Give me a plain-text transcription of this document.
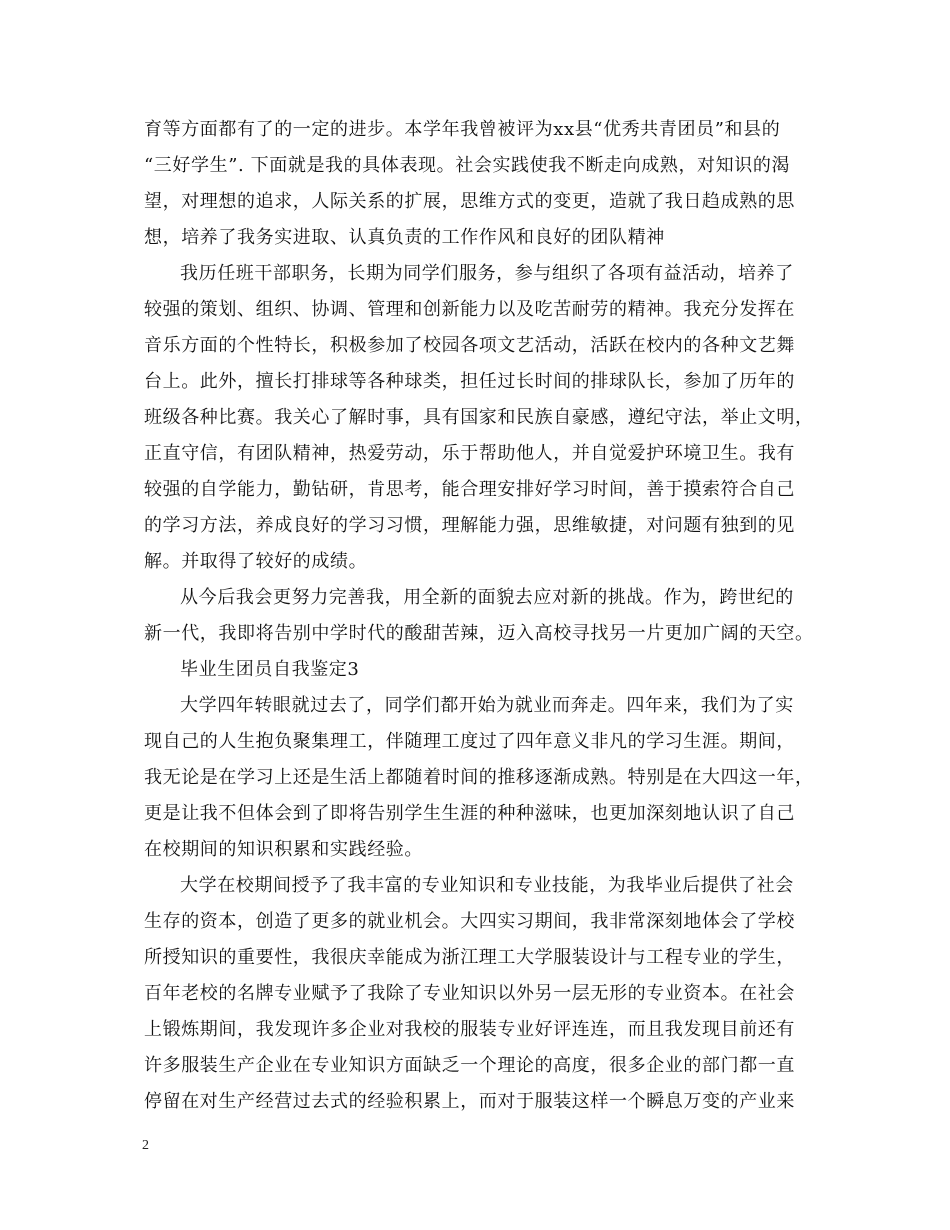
育等方面都有了的一定的进步。本学年我曾被评为xx县“优秀共青团员”和县的

“三好学生”. 下面就是我的具体表现。社会实践使我不断走向成熟，对知识的渴

望，对理想的追求，人际关系的扩展，思维方式的变更，造就了我日趋成熟的思

想，培养了我务实进取、认真负责的工作作风和良好的团队精神

我历任班干部职务，长期为同学们服务，参与组织了各项有益活动，培养了

较强的策划、组织、协调、管理和创新能力以及吃苦耐劳的精神。我充分发挥在

音乐方面的个性特长，积极参加了校园各项文艺活动，活跃在校内的各种文艺舞

台上。此外，擅长打排球等各种球类，担任过长时间的排球队长，参加了历年的

班级各种比赛。我关心了解时事，具有国家和民族自豪感，遵纪守法，举止文明，

正直守信，有团队精神，热爱劳动，乐于帮助他人，并自觉爱护环境卫生。我有

较强的自学能力，勤钻研，肯思考，能合理安排好学习时间，善于摸索符合自己

的学习方法，养成良好的学习习惯，理解能力强，思维敏捷，对问题有独到的见

解。并取得了较好的成绩。

从今后我会更努力完善我，用全新的面貌去应对新的挑战。作为，跨世纪的

新一代，我即将告别中学时代的酸甜苦辣，迈入高校寻找另一片更加广阔的天空。

毕业生团员自我鉴定3

大学四年转眼就过去了，同学们都开始为就业而奔走。四年来，我们为了实

现自己的人生抱负聚集理工，伴随理工度过了四年意义非凡的学习生涯。期间，

我无论是在学习上还是生活上都随着时间的推移逐渐成熟。特别是在大四这一年，

更是让我不但体会到了即将告别学生生涯的种种滋味，也更加深刻地认识了自己

在校期间的知识积累和实践经验。

大学在校期间授予了我丰富的专业知识和专业技能，为我毕业后提供了社会

生存的资本，创造了更多的就业机会。大四实习期间，我非常深刻地体会了学校

所授知识的重要性，我很庆幸能成为浙江理工大学服装设计与工程专业的学生，

百年老校的名牌专业赋予了我除了专业知识以外另一层无形的专业资本。在社会

上锻炼期间，我发现许多企业对我校的服装专业好评连连，而且我发现目前还有

许多服装生产企业在专业知识方面缺乏一个理论的高度，很多企业的部门都一直

停留在对生产经营过去式的经验积累上，而对于服装这样一个瞬息万变的产业来

2
